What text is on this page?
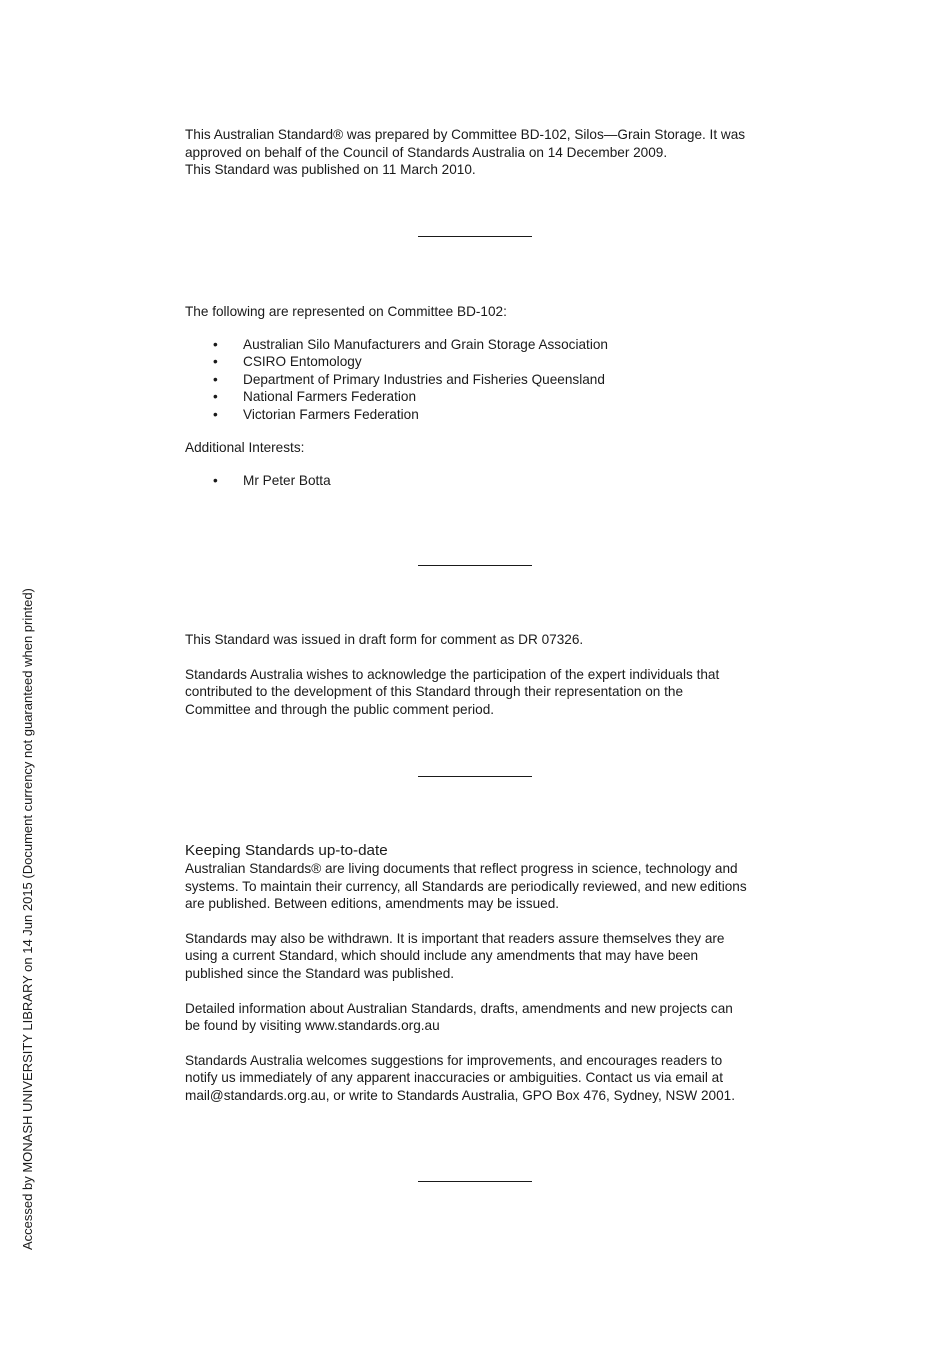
This Australian Standard® was prepared by Committee BD-102, Silos—Grain Storage. It was

approved on behalf of the Council of Standards Australia on 14 December 2009.

This Standard was published on 11 March 2010.

The following are represented on Committee BD-102:

• Australian Silo Manufacturers and Grain Storage Association
• CSIRO Entomology
• Department of Primary Industries and Fisheries Queensland
• National Farmers Federation
• Victorian Farmers Federation

Additional Interests:

• Mr Peter Botta

This Standard was issued in draft form for comment as DR 07326.

Standards Australia wishes to acknowledge the participation of the expert individuals that

contributed to the development of this Standard through their representation on the

Committee and through the public comment period.

Keeping Standards up-to-date

Australian Standards® are living documents that reflect progress in science, technology and

systems. To maintain their currency, all Standards are periodically reviewed, and new editions

are published. Between editions, amendments may be issued.

Standards may also be withdrawn. It is important that readers assure themselves they are

using a current Standard, which should include any amendments that may have been

published since the Standard was published.

Detailed information about Australian Standards, drafts, amendments and new projects can

be found by visiting www.standards.org.au

Standards Australia welcomes suggestions for improvements, and encourages readers to

notify us immediately of any apparent inaccuracies or ambiguities. Contact us via email at

mail@standards.org.au, or write to Standards Australia, GPO Box 476, Sydney, NSW 2001.

Accessed by MONASH UNIVERSITY LIBRARY on 14 Jun 2015 (Document currency not guaranteed when printed)
